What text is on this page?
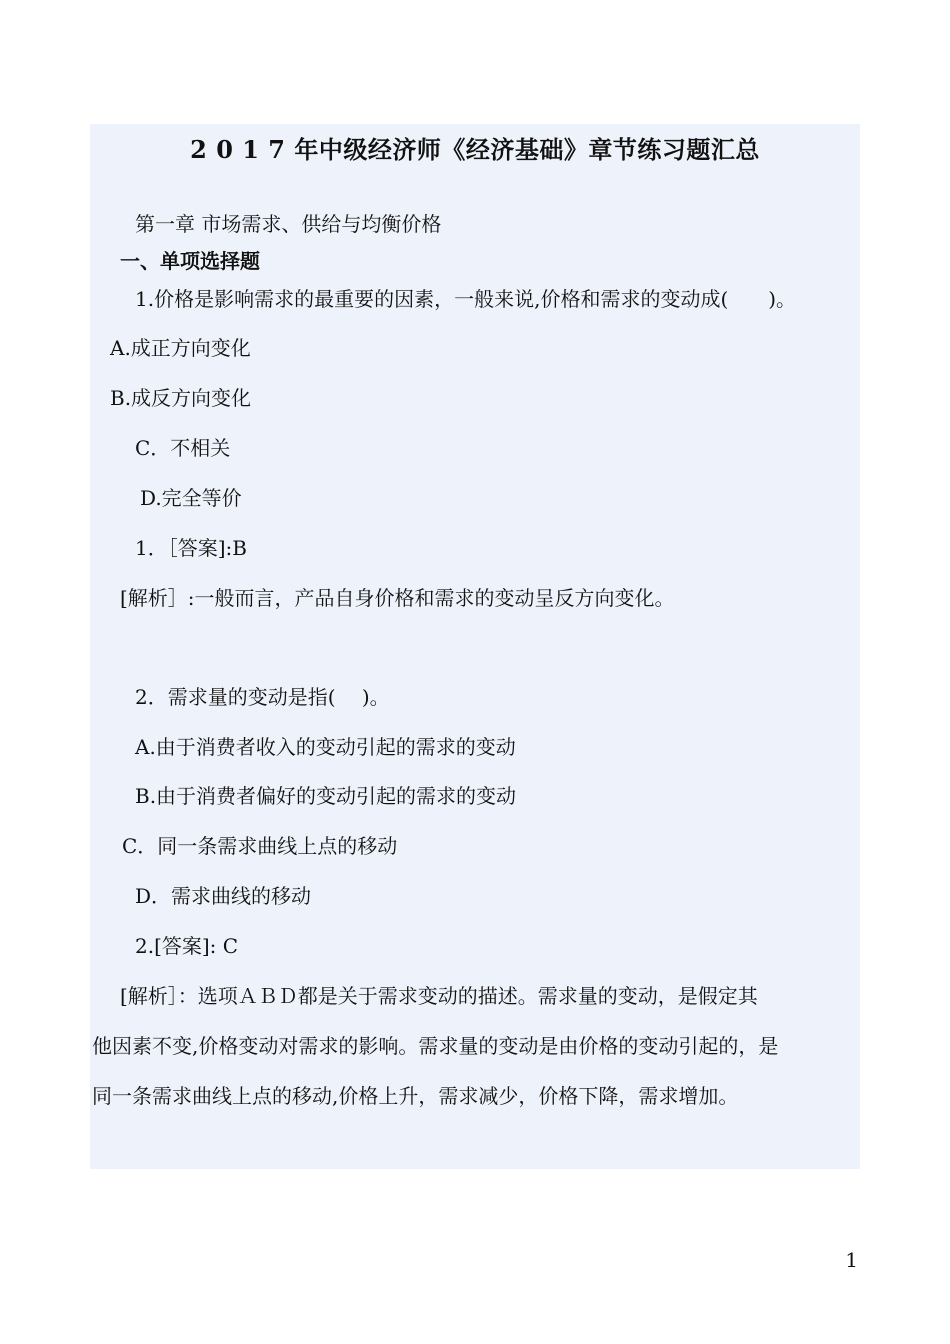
2 0 1 7 年中级经济师《经济基础》章节练习题汇总
第一章 市场需求、供给与均衡价格
一、单项选择题
1.价格是影响需求的最重要的因素，一般来说,价格和需求的变动成(　　)。
A.成正方向变化
B.成反方向变化
C．不相关
D.完全等价
1．［答案]:B
[解析］:一般而言，产品自身价格和需求的变动呈反方向变化。
2．需求量的变动是指(　 )。
A.由于消费者收入的变动引起的需求的变动
B.由于消费者偏好的变动引起的需求的变动
C．同一条需求曲线上点的移动
D．需求曲线的移动
2.[答案]: C
[解析］：选项ＡＢＤ都是关于需求变动的描述。需求量的变动，是假定其
他因素不变,价格变动对需求的影响。需求量的变动是由价格的变动引起的，是
同一条需求曲线上点的移动,价格上升，需求减少，价格下降，需求增加。
1
